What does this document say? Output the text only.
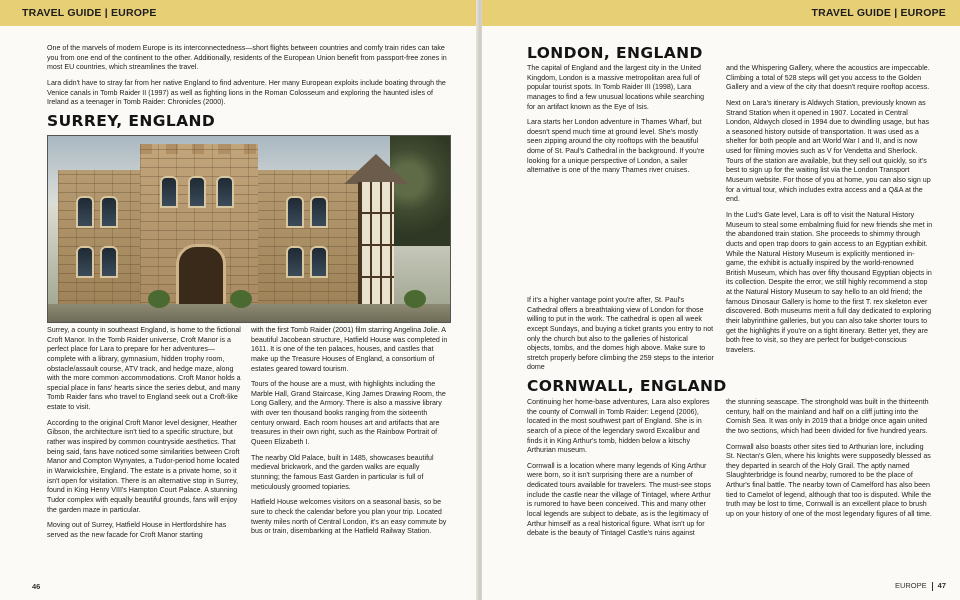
TRAVEL GUIDE | EUROPE

One of the marvels of modern Europe is its interconnectedness—short flights between countries and comfy train rides can take you from one end of the continent to the other. Additionally, residents of the European Union benefit from passport-free zones in most EU countries, which streamlines the travel.

Lara didn't have to stray far from her native England to find adventure. Her many European exploits include boating through the Venice canals in Tomb Raider II (1997) as well as fighting lions in the Roman Colosseum and exploring the haunted isles of Ireland as a teenager in Tomb Raider: Chronicles (2000).

SURREY, ENGLAND

Surrey, a county in southeast England, is home to the fictional Croft Manor. In the Tomb Raider universe, Croft Manor is a perfect place for Lara to prepare for her adventures—complete with a library, gymnasium, hidden trophy room, obstacle/assault course, ATV track, and hedge maze, along with the more common accommodations. Croft Manor holds a special place in fans' hearts since the series debut, and many Tomb Raider fans who travel to England seek out a Croft-like estate to visit.

According to the original Croft Manor level designer, Heather Gibson, the architecture isn't tied to a specific structure, but rather was inspired by common countryside aesthetics. That being said, fans have noticed some similarities between Croft Manor and Compton Wynyates, a Tudor-period home located in Warwickshire, England. The estate is a private home, so it isn't open for visitation. There is an alternative stop in Surrey, found in King Henry VIII's Hampton Court Palace. A stunning Tudor complex with equally beautiful grounds, fans will enjoy the garden maze in particular.

Moving out of Surrey, Hatfield House in Hertfordshire has served as the new facade for Croft Manor starting

with the first Tomb Raider (2001) film starring Angelina Jolie. A beautiful Jacobean structure, Hatfield House was completed in 1611. It is one of the ten palaces, houses, and castles that make up the Treasure Houses of England, a consortium of estates geared toward tourism.

Tours of the house are a must, with highlights including the Marble Hall, Grand Staircase, King James Drawing Room, the Long Gallery, and the Armory. There is also a massive library with over ten thousand books ranging from the sixteenth century onward. Each room houses art and artifacts that are treasures in their own right, such as the Rainbow Portrait of Queen Elizabeth I.

The nearby Old Palace, built in 1485, showcases beautiful medieval brickwork, and the garden walks are equally stunning; the famous East Garden in particular is full of meticulously groomed topiaries.

Hatfield House welcomes visitors on a seasonal basis, so be sure to check the calendar before you plan your trip. Located twenty miles north of Central London, it's an easy commute by bus or train, disembarking at the Hatfield Railway Station.

46
TRAVEL GUIDE | EUROPE
LONDON, ENGLAND

The capital of England and the largest city in the United Kingdom, London is a massive metropolitan area full of popular tourist spots. In Tomb Raider III (1998), Lara manages to find a few unusual locations while searching for an artifact known as the Eye of Isis.

Lara starts her London adventure in Thames Wharf, but doesn't spend much time at ground level. She's mostly seen zipping around the city rooftops with the beautiful dome of St. Paul's Cathedral in the background. If you're looking for a unique perspective of London, a sailer alternative is one of the many Thames river cruises.

If it's a higher vantage point you're after, St. Paul's Cathedral offers a breathtaking view of London for those willing to put in the work. The cathedral is open all week except Sundays, and buying a ticket grants you entry to not only the church but also to the galleries of historical objects, tombs, and the domes high above. Make sure to stretch properly before climbing the 259 steps to the interior dome

and the Whispering Gallery, where the acoustics are impeccable. Climbing a total of 528 steps will get you access to the Golden Gallery and a view of the city that doesn't require rooftop access.

Next on Lara's itinerary is Aldwych Station, previously known as Strand Station when it opened in 1907. Located in Central London, Aldwych closed in 1994 due to dwindling usage, but has a seasoned history outside of transportation. It was used as a shelter for both people and art World War I and II, and is now used for filming movies such as V for Vendetta and Sherlock. Tours of the station are available, but they sell out quickly, so it's best to sign up for the waiting list via the London Transport Museum website. For those of you at home, you can also sign up for a virtual tour, which includes extra access and a Q&A at the end.

In the Lud's Gate level, Lara is off to visit the Natural History Museum to steal some embalming fluid for new friends she met in the abandoned train station. She proceeds to shimmy through ducts and open trap doors to gain access to an Egyptian exhibit. While the Natural History Museum is explicitly mentioned in-game, the exhibit is actually inspired by the world-renowned British Museum, which has over fifty thousand Egyptian objects in its collection. Despite the error, we still highly recommend a stop at the Natural History Museum to say hello to an old friend; the famous Dinosaur Gallery is home to the first T. rex skeleton ever discovered. Both museums merit a full day dedicated to exploring their labyrinthine galleries, but you can also take shorter tours to get the highlights if you're on a tight itinerary. Better yet, they are both free to visit, so they are perfect for budget-conscious travelers.

CORNWALL, ENGLAND

Continuing her home-base adventures, Lara also explores the county of Cornwall in Tomb Raider: Legend (2006), located in the most southwest part of England. She is in search of a piece of the legendary sword Excalibur and finds it in King Arthur's tomb, hidden below a kitschy Arthurian museum.

Cornwall is a location where many legends of King Arthur were born, so it isn't surprising there are a number of dedicated tours available for travelers. The must-see stops include the castle near the village of Tintagel, where Arthur is rumored to have been conceived. This and many other local legends are subject to debate, as is the legitimacy of Arthur himself as a real historical figure. What isn't up for debate is the beauty of Tintagel Castle's ruins against

the stunning seascape. The stronghold was built in the thirteenth century, half on the mainland and half on a cliff jutting into the Cornish Sea. It was only in 2019 that a bridge once again united the two sections, which had been divided for five hundred years.

Cornwall also boasts other sites tied to Arthurian lore, including St. Nectan's Glen, where his knights were supposedly blessed as they departed in search of the Holy Grail. The aptly named Slaughterbridge is found nearby, rumored to be the place of Arthur's final battle. The nearby town of Camelford has also been tied to Camelot of legend, although that too is disputed. While the truth may be lost to time, Cornwall is an excellent place to brush up on your history of one of the most legendary figures of all time.

EUROPE 47
